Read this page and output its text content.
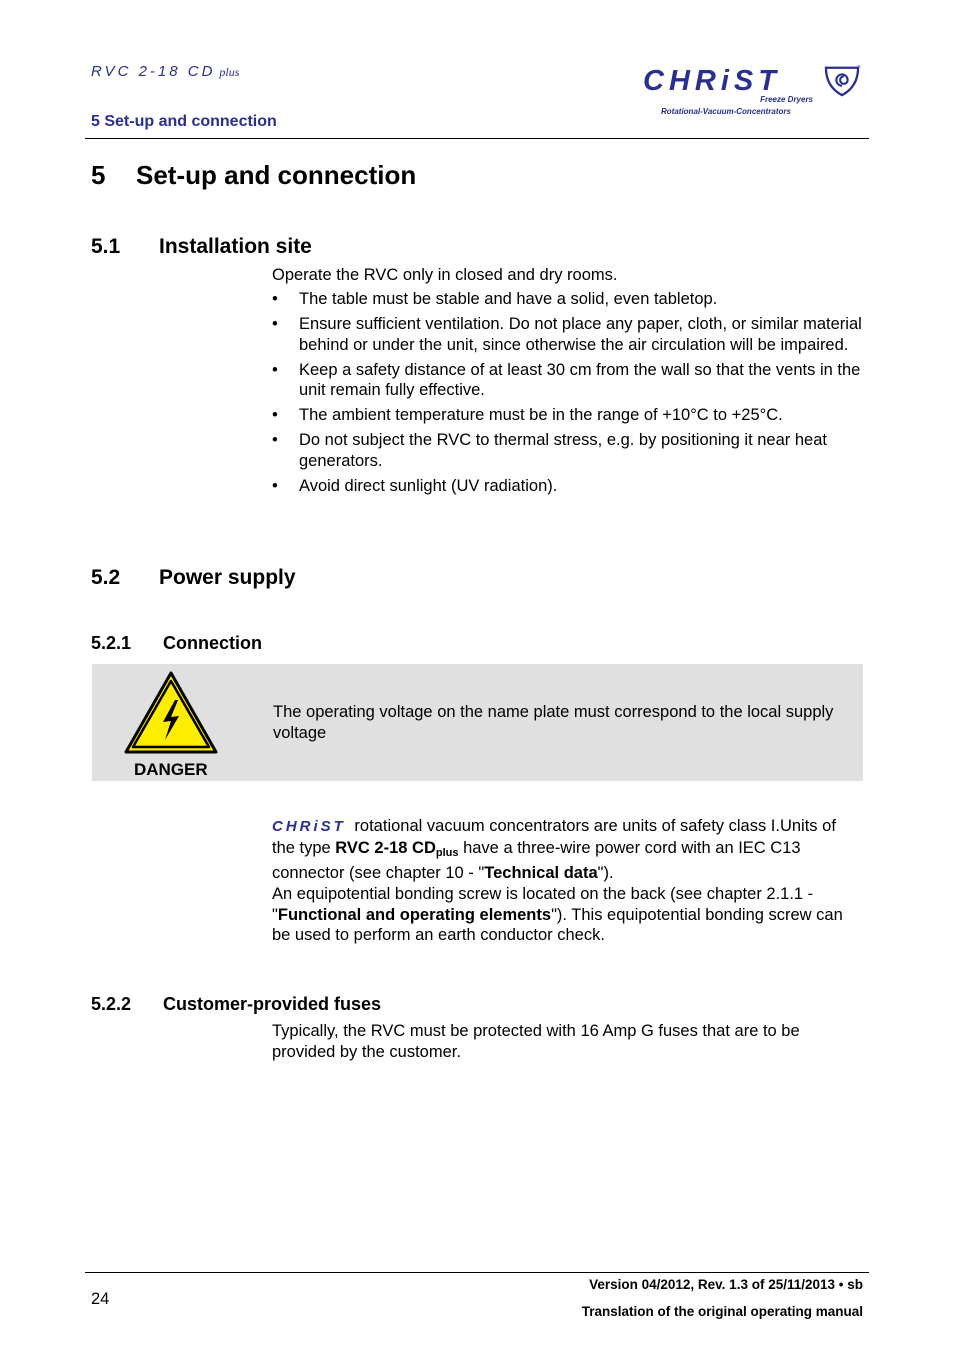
RVC 2-18 CD plus
5 Set-up and connection
CHRiST
Freeze Dryers
Rotational-Vacuum-Concentrators
®
5 Set-up and connection
5.1 Installation site
Operate the RVC only in closed and dry rooms.
• The table must be stable and have a solid, even tabletop.
• Ensure sufficient ventilation. Do not place any paper, cloth, or similar material behind or under the unit, since otherwise the air circulation will be impaired.
• Keep a safety distance of at least 30 cm from the wall so that the vents in the unit remain fully effective.
• The ambient temperature must be in the range of +10°C to +25°C.
• Do not subject the RVC to thermal stress, e.g. by positioning it near heat generators.
• Avoid direct sunlight (UV radiation).
5.2 Power supply
5.2.1 Connection
DANGER
The operating voltage on the name plate must correspond to the local supply voltage
CHRiST rotational vacuum concentrators are units of safety class I.Units of the type RVC 2-18 $CD_{plus}$ have a three-wire power cord with an IEC C13 connector (see chapter 10 - "Technical data").
An equipotential bonding screw is located on the back (see chapter 2.1.1 - "Functional and operating elements"). This equipotential bonding screw can be used to perform an earth conductor check.
5.2.2 Customer-provided fuses
Typically, the RVC must be protected with 16 Amp G fuses that are to be provided by the customer.
24
Version 04/2012, Rev. 1.3 of 25/11/2013 • sb
Translation of the original operating manual
